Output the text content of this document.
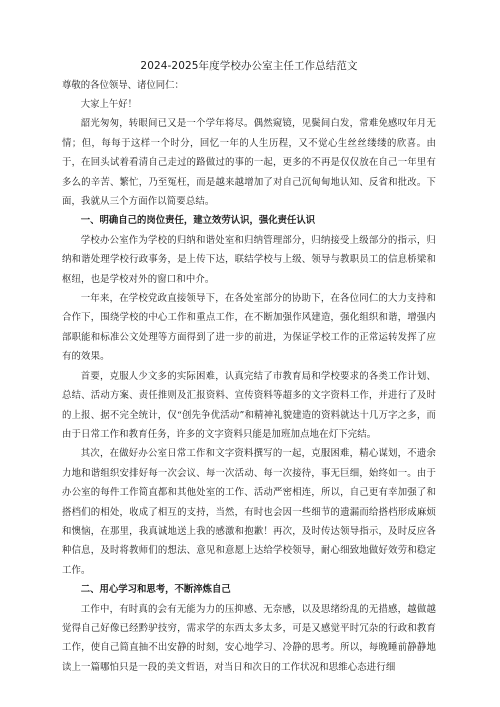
2024-2025年度学校办公室主任工作总结范文

尊敬的各位领导、诸位同仁：

大家上午好！

韶光匆匆，转眼间已又是一个学年将尽。偶然窥镜，见鬓间白发，常难免感叹年月无情；但，每每于这样一个时分，回忆一年的人生历程，又不觉心生丝丝缕缕的欣喜。由于，在回头试着看清自己走过的路做过的事的一起，更多的不再是仅仅放在自己一年里有多么的辛苦、繁忙，乃至冤枉，而是越来越增加了对自己沉甸甸地认知、反省和批改。下面，我就从三个方面作以简要总结。

一、明确自己的岗位责任，建立效劳认识，强化责任认识

学校办公室作为学校的归纳和谐处室和归纳管理部分，归纳接受上级部分的指示，归纳和谐处理学校行政事务，是上传下达，联结学校与上级、领导与教职员工的信息桥梁和枢纽，也是学校对外的窗口和中介。

一年来，在学校党政直接领导下，在各处室部分的协助下，在各位同仁的大力支持和合作下，围绕学校的中心工作和重点工作，在不断加强作风建造，强化组织和谐，增强内部职能和标准公文处理等方面得到了进一步的前进，为保证学校工作的正常运转发挥了应有的效果。

首要，克服人少文多的实际困难，认真完结了市教育局和学校要求的各类工作计划、总结、活动方案、责任推则及汇报资料、宣传资料等超多的文字资料工作，并进行了及时的上报、据不完全统计，仅“创先争优活动”和精神礼貌建造的资料就达十几万字之多，而由于日常工作和教育任务，许多的文字资料只能是加班加点地在灯下完结。

其次，在做好办公室日常工作和文字资料撰写的一起，克服困难，精心谋划，不遗余力地和谐组织安排好每一次会议、每一次活动、每一次接待，事无巨细，始终如一。由于办公室的每件工作简直都和其他处室的工作、活动严密相连，所以，自己更有幸加强了和搭档们的相处，收成了相互的支持，当然，有时也会因一些细节的遗漏而给搭档形成麻烦和懊恼，在那里，我真诚地送上我的感激和抱歉！再次，及时传达领导指示，及时反应各种信息，及时将教师们的想法、意见和意愿上达给学校领导，耐心细致地做好效劳和稳定工作。

二、用心学习和思考，不断淬炼自己

工作中，有时真的会有无能为力的压抑感、无奈感，以及思绪纷乱的无措感，越做越觉得自己好像已经黔驴技穷，需求学的东西太多太多，可是又感觉平时冗杂的行政和教育工作，使自己简直抽不出安静的时刻，安心地学习、冷静的思考。所以，每晚睡前静静地读上一篇哪怕只是一段的美文哲语，对当日和次日的工作状况和思维心态进行细
